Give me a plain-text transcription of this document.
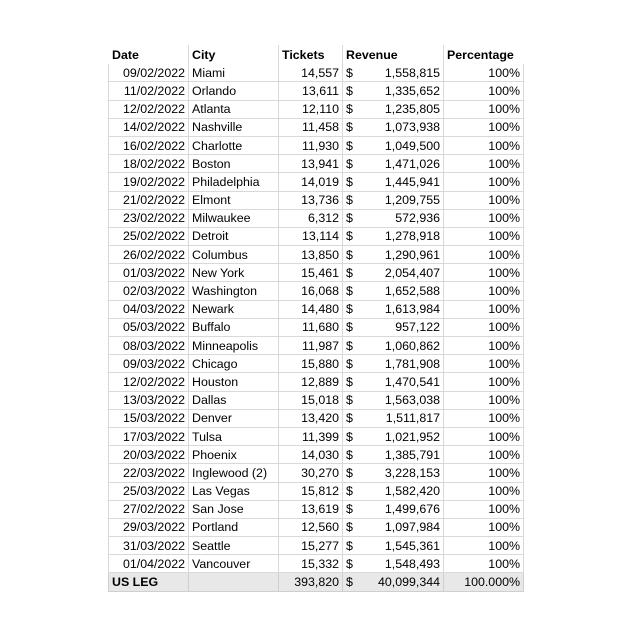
Date	City	Tickets	Revenue	Percentage
09/02/2022	Miami	14,557	$ 1,558,815	100%
11/02/2022	Orlando	13,611	$ 1,335,652	100%
12/02/2022	Atlanta	12,110	$ 1,235,805	100%
14/02/2022	Nashville	11,458	$ 1,073,938	100%
16/02/2022	Charlotte	11,930	$ 1,049,500	100%
18/02/2022	Boston	13,941	$ 1,471,026	100%
19/02/2022	Philadelphia	14,019	$ 1,445,941	100%
21/02/2022	Elmont	13,736	$ 1,209,755	100%
23/02/2022	Milwaukee	6,312	$ 572,936	100%
25/02/2022	Detroit	13,114	$ 1,278,918	100%
26/02/2022	Columbus	13,850	$ 1,290,961	100%
01/03/2022	New York	15,461	$ 2,054,407	100%
02/03/2022	Washington	16,068	$ 1,652,588	100%
04/03/2022	Newark	14,480	$ 1,613,984	100%
05/03/2022	Buffalo	11,680	$ 957,122	100%
08/03/2022	Minneapolis	11,987	$ 1,060,862	100%
09/03/2022	Chicago	15,880	$ 1,781,908	100%
12/02/2022	Houston	12,889	$ 1,470,541	100%
13/03/2022	Dallas	15,018	$ 1,563,038	100%
15/03/2022	Denver	13,420	$ 1,511,817	100%
17/03/2022	Tulsa	11,399	$ 1,021,952	100%
20/03/2022	Phoenix	14,030	$ 1,385,791	100%
22/03/2022	Inglewood (2)	30,270	$ 3,228,153	100%
25/03/2022	Las Vegas	15,812	$ 1,582,420	100%
27/02/2022	San Jose	13,619	$ 1,499,676	100%
29/03/2022	Portland	12,560	$ 1,097,984	100%
31/03/2022	Seattle	15,277	$ 1,545,361	100%
01/04/2022	Vancouver	15,332	$ 1,548,493	100%
US LEG		393,820	$ 40,099,344	100.000%
